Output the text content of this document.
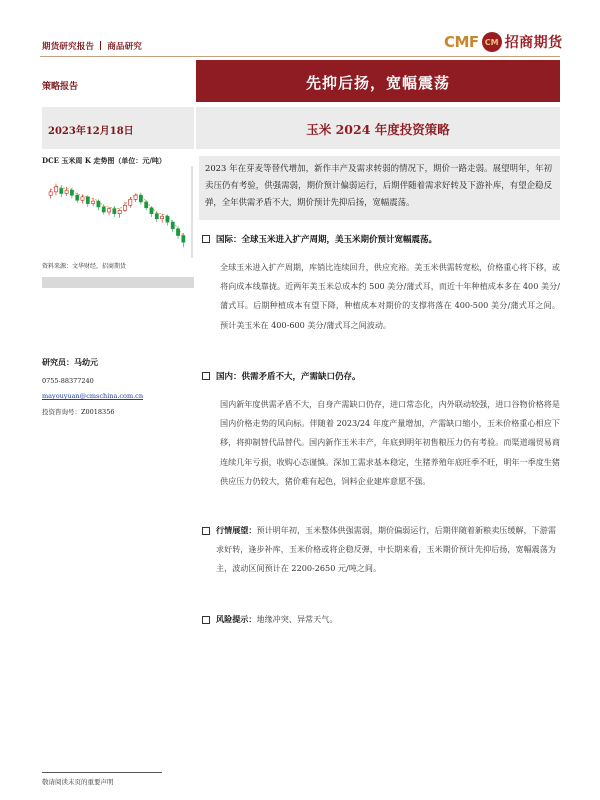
期货研究报告 商品研究	CMF CM 招商期货
策略报告	先抑后扬，宽幅震荡
2023年12月18日	玉米 2024 年度投资策略
DCE 玉米周 K 走势图（单位：元/吨）
资料来源：文华财经，招商期货
研究员：马幼元
0755-88377240
mayouyuan@cmschina.com.cn
投资咨询号：Z0018356

2023 年在芽麦等替代增加，新作丰产及需求转弱的情况下，期价一路走弱。展望明年，年初卖压仍有考验，供强需弱，期价预计偏弱运行，后期伴随着需求好转及下游补库，有望企稳反弹，全年供需矛盾不大，期价预计先抑后扬，宽幅震荡。

国际：全球玉米进入扩产周期，美玉米期价预计宽幅震荡。

全球玉米进入扩产周期，库销比连续回升，供应充裕。美玉米供需转宽松，价格重心将下移，或将向成本线靠拢。近两年美玉米总成本约 500 美分/蒲式耳，而近十年种植成本多在 400 美分/蒲式耳。后期种植成本有望下降，种植成本对期价的支撑将落在 400-500 美分/蒲式耳之间。预计美玉米在 400-600 美分/蒲式耳之间波动。

国内：供需矛盾不大，产需缺口仍存。

国内新年度供需矛盾不大，自身产需缺口仍存，进口常态化，内外联动较强，进口谷物价格将是国内价格走势的风向标。伴随着 2023/24 年度产量增加，产需缺口缩小，玉米价格重心相应下移，将抑制替代品替代。国内新作玉米丰产，年底到明年初售粮压力仍有考验。而渠道端贸易商连续几年亏损，收购心态谨慎。深加工需求基本稳定，生猪养殖年底旺季不旺，明年一季度生猪供应压力仍较大，猪价难有起色，饲料企业建库意愿不强。

行情展望：预计明年初，玉米整体供强需弱，期价偏弱运行，后期伴随着新粮卖压缓解，下游需求好转，逢步补库，玉米价格或将企稳反弹，中长期来看，玉米期价预计先抑后扬，宽幅震荡为主，波动区间预计在 2200-2650 元/吨之间。
风险提示：地缘冲突、异常天气。
敬请阅读末页的重要声明
